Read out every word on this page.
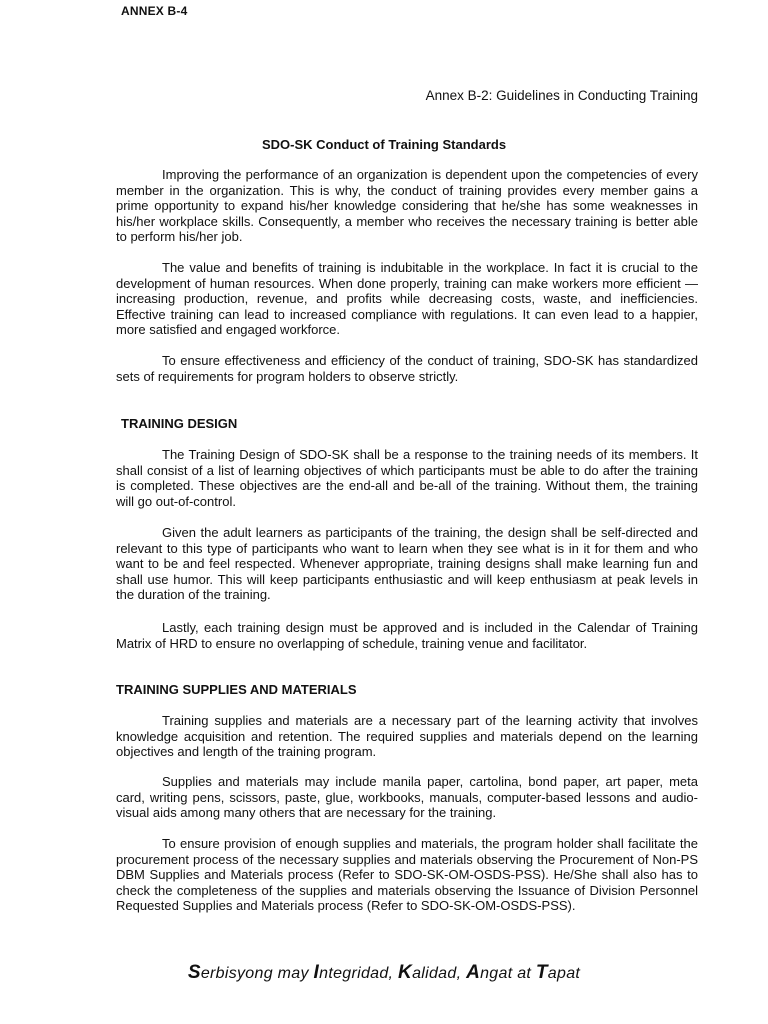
ANNEX B-4
Annex B-2: Guidelines in Conducting Training
SDO-SK Conduct of Training Standards

Improving the performance of an organization is dependent upon the competencies of every member in the organization. This is why, the conduct of training provides every member gains a prime opportunity to expand his/her knowledge considering that he/she has some weaknesses in his/her workplace skills. Consequently, a member who receives the necessary training is better able to perform his/her job.

The value and benefits of training is indubitable in the workplace. In fact it is crucial to the development of human resources. When done properly, training can make workers more efficient — increasing production, revenue, and profits while decreasing costs, waste, and inefficiencies. Effective training can lead to increased compliance with regulations. It can even lead to a happier, more satisfied and engaged workforce.

To ensure effectiveness and efficiency of the conduct of training, SDO-SK has standardized sets of requirements for program holders to observe strictly.

TRAINING DESIGN

The Training Design of SDO-SK shall be a response to the training needs of its members. It shall consist of a list of learning objectives of which participants must be able to do after the training is completed. These objectives are the end-all and be-all of the training. Without them, the training will go out-of-control.

Given the adult learners as participants of the training, the design shall be self-directed and relevant to this type of participants who want to learn when they see what is in it for them and who want to be and feel respected. Whenever appropriate, training designs shall make learning fun and shall use humor. This will keep participants enthusiastic and will keep enthusiasm at peak levels in the duration of the training.

Lastly, each training design must be approved and is included in the Calendar of Training Matrix of HRD to ensure no overlapping of schedule, training venue and facilitator.

TRAINING SUPPLIES AND MATERIALS

Training supplies and materials are a necessary part of the learning activity that involves knowledge acquisition and retention. The required supplies and materials depend on the learning objectives and length of the training program.

Supplies and materials may include manila paper, cartolina, bond paper, art paper, meta card, writing pens, scissors, paste, glue, workbooks, manuals, computer-based lessons and audio-visual aids among many others that are necessary for the training.

To ensure provision of enough supplies and materials, the program holder shall facilitate the procurement process of the necessary supplies and materials observing the Procurement of Non-PS DBM Supplies and Materials process (Refer to SDO-SK-OM-OSDS-PSS). He/She shall also has to check the completeness of the supplies and materials observing the Issuance of Division Personnel Requested Supplies and Materials process (Refer to SDO-SK-OM-OSDS-PSS).

Serbisyong may Integridad, Kalidad, Angat at Tapat
